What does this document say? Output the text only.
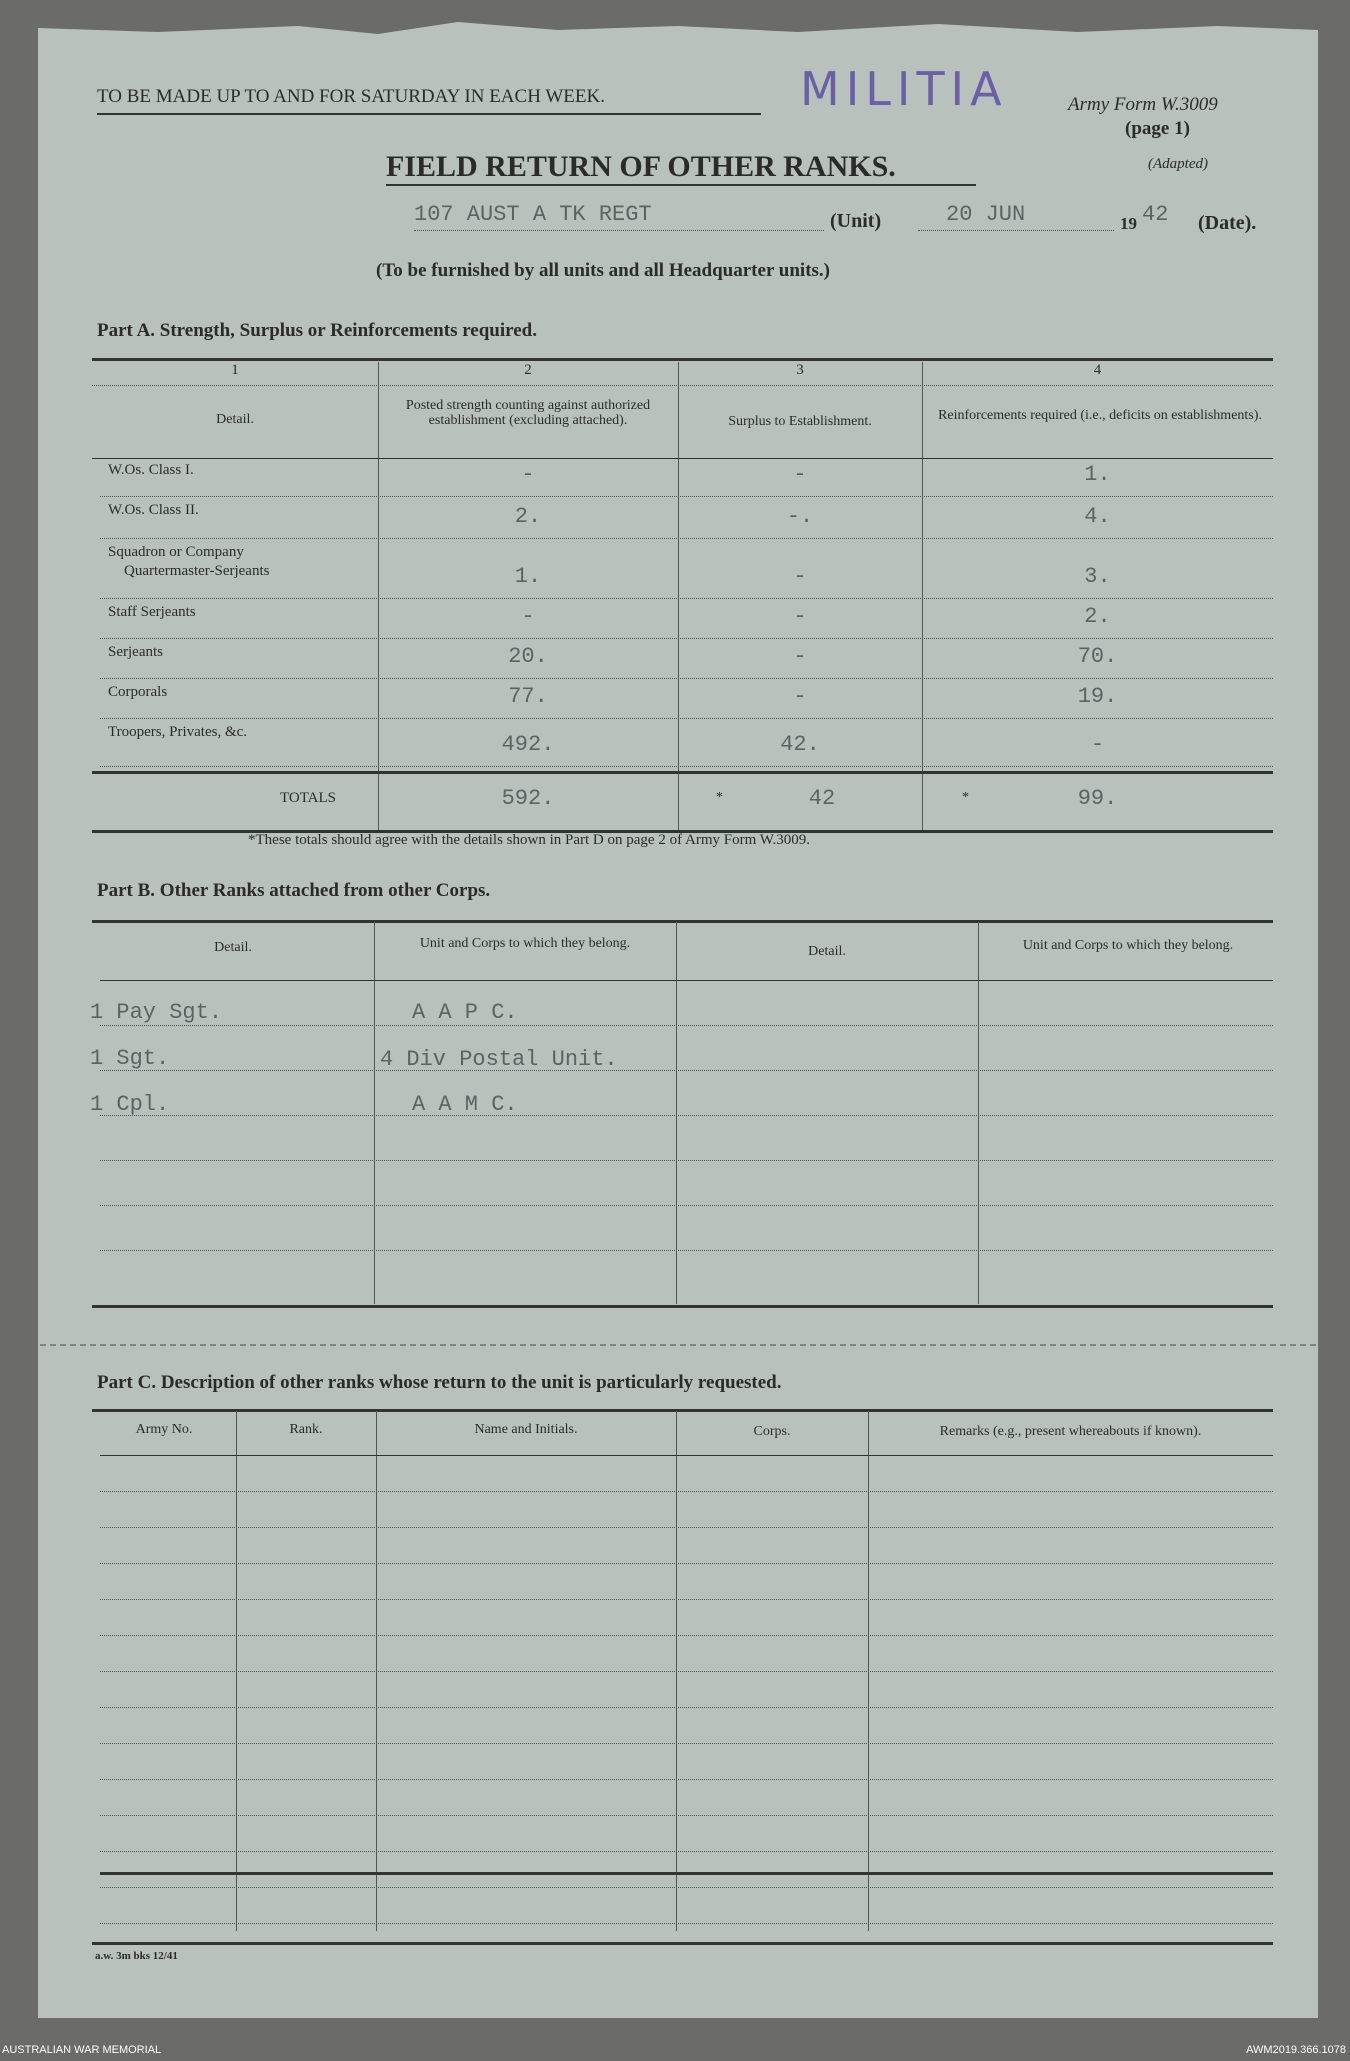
TO BE MADE UP TO AND FOR SATURDAY IN EACH WEEK.	MILITIA	Army Form W.3009
(page 1)
(Adapted)
FIELD RETURN OF OTHER RANKS.
107 AUST A TK REGT	(Unit)	20 JUN	19 42 (Date).
(To be furnished by all units and all Headquarter units.)
Part A. Strength, Surplus or Reinforcements required.
1	2	3	4
Detail.
Posted strength counting against authorized establishment (excluding attached).	Surplus to Establishment.	Reinforcements required (i.e., deficits on establishments).
W.Os. Class I.	-	-	1.
W.Os. Class II.	2.	-.	4.
Squadron or Company
Quartermaster-Serjeants	1.	-	3.
Staff Serjeants	-	-	2.
Serjeants	20.	-	70.
Corporals	77.	-	19.
Troopers, Privates, &c.	492.	42.	-
TOTALS	592.	*	42	*	99.
*These totals should agree with the details shown in Part D on page 2 of Army Form W.3009.
Part B. Other Ranks attached from other Corps.
Detail.	Unit and Corps to which they belong.
Detail.	Unit and Corps to which they belong.
1 Pay Sgt.	A A P C.
1 Sgt.	4 Div Postal Unit.
1 Cpl.	A A M C.
Part C. Description of other ranks whose return to the unit is particularly requested.
Army No.	Rank.	Name and Initials.	Corps.	Remarks (e.g., present whereabouts if known).
a.w. 3m bks 12/41
AUSTRALIAN WAR MEMORIAL	AWM2019.366.1078
